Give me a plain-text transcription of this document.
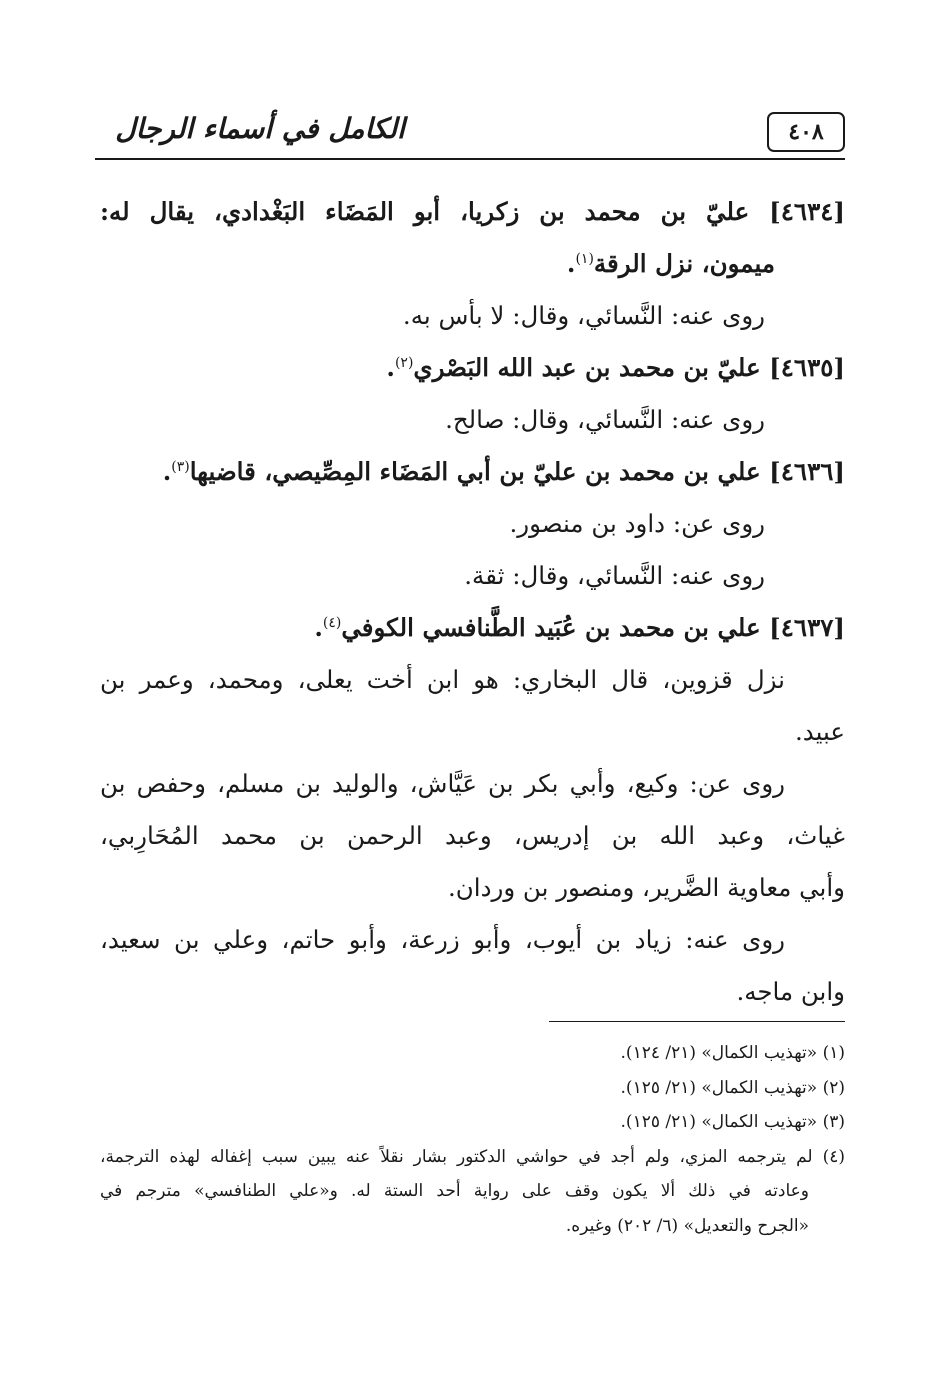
٤٠٨
الكامل في أسماء الرجال
[٤٦٣٤] عليّ بن محمد بن زكريا، أبو المَضَاء البَغْدادي، يقال له:
ميمون، نزل الرقة$^{(١)}$.
روى عنه: النَّسائي، وقال: لا بأس به.
[٤٦٣٥] عليّ بن محمد بن عبد الله البَصْري$^{(٢)}$.
روى عنه: النَّسائي، وقال: صالح.
[٤٦٣٦] علي بن محمد بن عليّ بن أبي المَضَاء المِصِّيصي، قاضيها$^{(٣)}$.
روى عن: داود بن منصور.
روى عنه: النَّسائي، وقال: ثقة.
[٤٦٣٧] علي بن محمد بن عُبَيد الطَّنافسي الكوفي$^{(٤)}$.
نزل قزوين، قال البخاري: هو ابن أخت يعلى، ومحمد، وعمر بن
عبيد.
روى عن: وكيع، وأبي بكر بن عَيَّاش، والوليد بن مسلم، وحفص بن
غياث، وعبد الله بن إدريس، وعبد الرحمن بن محمد المُحَارِبي،
وأبي معاوية الضَّرير، ومنصور بن وردان.
روى عنه: زياد بن أيوب، وأبو زرعة، وأبو حاتم، وعلي بن سعيد،
وابن ماجه.
(١) «تهذيب الكمال» (٢١/ ١٢٤).
(٢) «تهذيب الكمال» (٢١/ ١٢٥).
(٣) «تهذيب الكمال» (٢١/ ١٢٥).
(٤) لم يترجمه المزي، ولم أجد في حواشي الدكتور بشار نقلاً عنه يبين سبب إغفاله لهذه الترجمة،
وعادته في ذلك ألا يكون وقف على رواية أحد الستة له. و«علي الطنافسي» مترجم في
«الجرح والتعديل» (٦/ ٢٠٢) وغيره.
